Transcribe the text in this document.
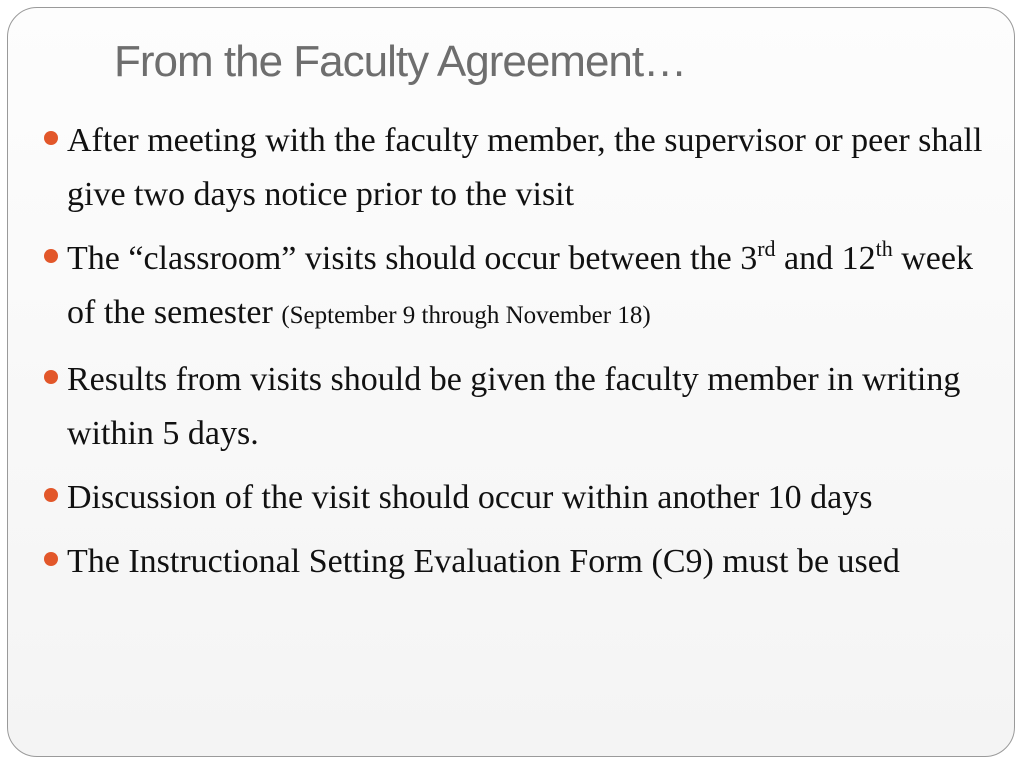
From the Faculty Agreement…
After meeting with the faculty member, the supervisor or peer shall give two days notice prior to the visit
The “classroom” visits should occur between the 3rd and 12th week of the semester (September 9 through November 18)
Results from visits should be given the faculty member in writing within 5 days.
Discussion of the visit should occur within another 10 days
The Instructional Setting Evaluation Form (C9) must be used
